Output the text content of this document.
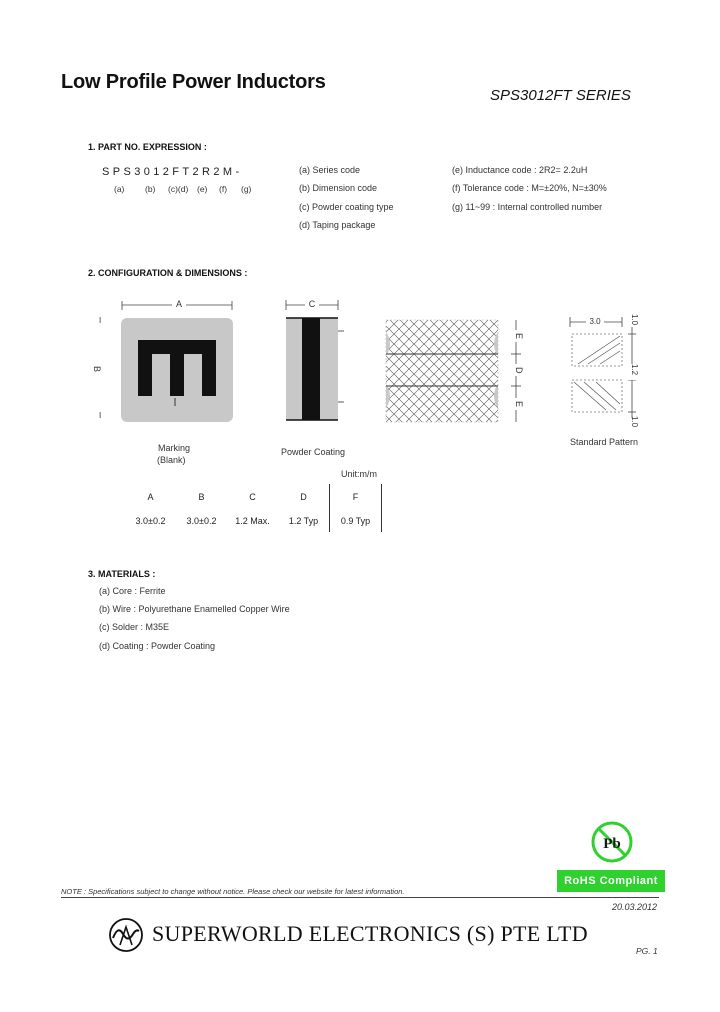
Low Profile Power Inductors
SPS3012FT SERIES
1. PART NO. EXPRESSION :
SPS3012FT2R2M-
(a) (b) (c)(d) (e) (f) (g)
(a) Series code
(b) Dimension code
(c) Powder coating type
(d) Taping package
(e) Inductance code : 2R2= 2.2uH
(f) Tolerance code : M=±20%, N=±30%
(g) 11~99 : Internal controlled number
2. CONFIGURATION & DIMENSIONS :
A
I
I
B
Marking
(Blank)
C
Powder Coating
E
D
E
3.0	1.0
1.2
1.0
Standard Pattern
Unit:m/m
A	B	C	D	F
3.0±0.2	3.0±0.2	1.2 Max.	1.2 Typ	0.9 Typ
3. MATERIALS :
(a) Core : Ferrite
(b) Wire : Polyurethane Enamelled Copper Wire
(c) Solder : M35E
(d) Coating : Powder Coating
Pb
RoHS Compliant
NOTE : Specifications subject to change without notice. Please check our website for latest information.
20.03.2012
SUPERWORLD ELECTRONICS (S) PTE LTD
PG. 1
